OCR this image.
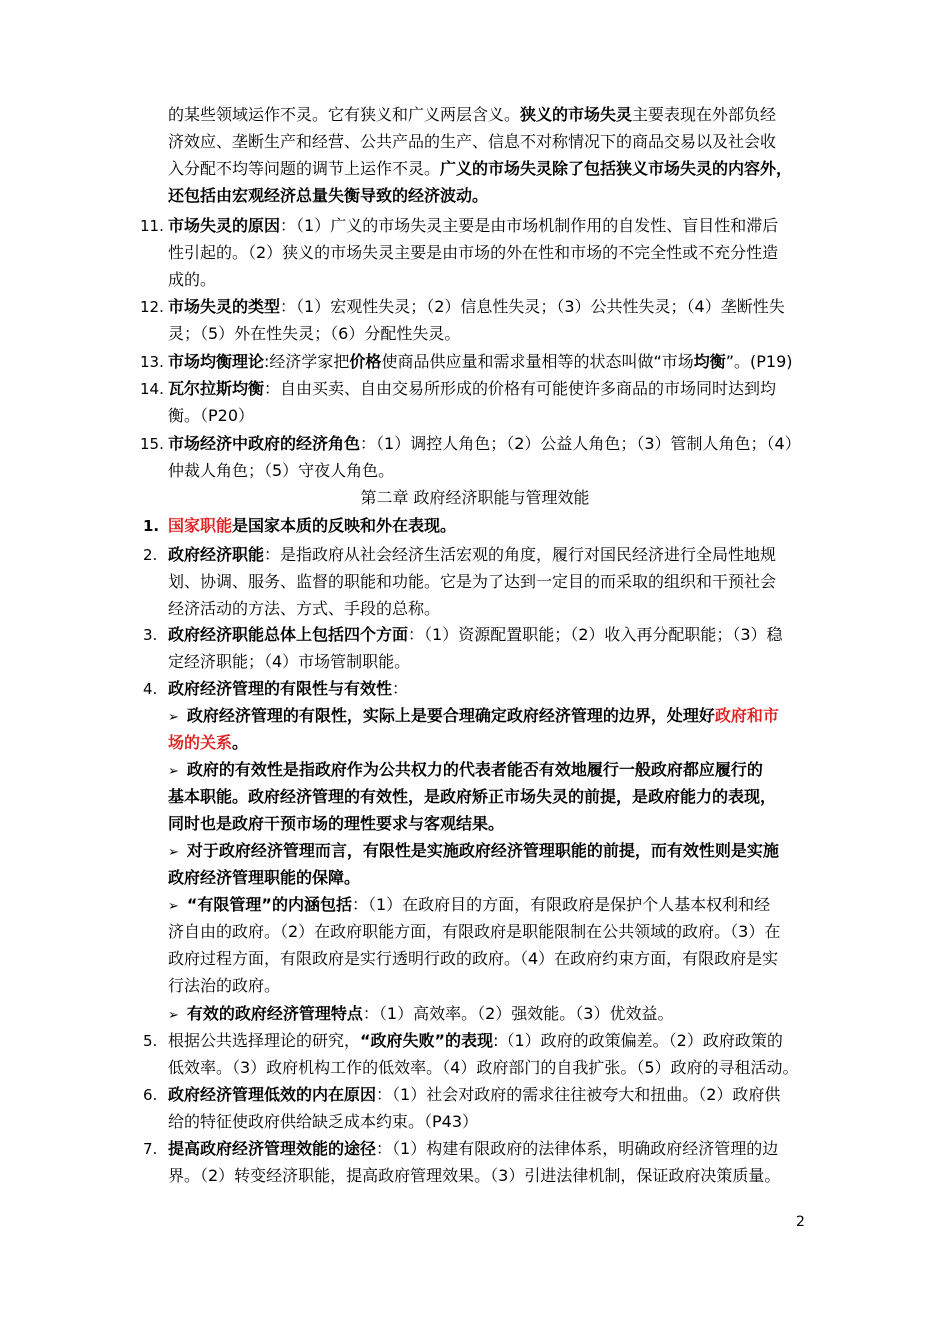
第二章 政府经济职能与管理效能
2
的某些领域运作不灵。它有狭义和广义两层含义。狭义的市场失灵主要表现在外部负经
济效应、垄断生产和经营、公共产品的生产、信息不对称情况下的商品交易以及社会收
入分配不均等问题的调节上运作不灵。广义的市场失灵除了包括狭义市场失灵的内容外，
还包括由宏观经济总量失衡导致的经济波动。
11. 市场失灵的原因：（1）广义的市场失灵主要是由市场机制作用的自发性、盲目性和滞后
性引起的。（2）狭义的市场失灵主要是由市场的外在性和市场的不完全性或不充分性造
成的。
12. 市场失灵的类型：（1）宏观性失灵；（2）信息性失灵；（3）公共性失灵；（4）垄断性失
灵；（5）外在性失灵；（6）分配性失灵。
13. 市场均衡理论:经济学家把价格使商品供应量和需求量相等的状态叫做“市场均衡”。(P19)
14. 瓦尔拉斯均衡：自由买卖、自由交易所形成的价格有可能使许多商品的市场同时达到均
衡。（P20）
15. 市场经济中政府的经济角色：（1）调控人角色；（2）公益人角色；（3）管制人角色；（4）
仲裁人角色；（5）守夜人角色。
1. 国家职能是国家本质的反映和外在表现。
2. 政府经济职能：是指政府从社会经济生活宏观的角度，履行对国民经济进行全局性地规
划、协调、服务、监督的职能和功能。它是为了达到一定目的而采取的组织和干预社会
经济活动的方法、方式、手段的总称。
3. 政府经济职能总体上包括四个方面：（1）资源配置职能；（2）收入再分配职能；（3）稳
定经济职能；（4）市场管制职能。
4. 政府经济管理的有限性与有效性：
➢ 政府经济管理的有限性，实际上是要合理确定政府经济管理的边界，处理好政府和市
场的关系。
➢ 政府的有效性是指政府作为公共权力的代表者能否有效地履行一般政府都应履行的
基本职能。政府经济管理的有效性，是政府矫正市场失灵的前提，是政府能力的表现，
同时也是政府干预市场的理性要求与客观结果。
➢ 对于政府经济管理而言，有限性是实施政府经济管理职能的前提，而有效性则是实施
政府经济管理职能的保障。
➢ “有限管理”的内涵包括：（1）在政府目的方面，有限政府是保护个人基本权利和经
济自由的政府。（2）在政府职能方面，有限政府是职能限制在公共领域的政府。（3）在
政府过程方面，有限政府是实行透明行政的政府。（4）在政府约束方面，有限政府是实
行法治的政府。
➢ 有效的政府经济管理特点：（1）高效率。（2）强效能。（3）优效益。
5. 根据公共选择理论的研究，“政府失败”的表现:（1）政府的政策偏差。（2）政府政策的
低效率。（3）政府机构工作的低效率。（4）政府部门的自我扩张。（5）政府的寻租活动。
6. 政府经济管理低效的内在原因：（1）社会对政府的需求往往被夸大和扭曲。（2）政府供
给的特征使政府供给缺乏成本约束。（P43）
7. 提高政府经济管理效能的途径：（1）构建有限政府的法律体系，明确政府经济管理的边
界。（2）转变经济职能，提高政府管理效果。（3）引进法律机制，保证政府决策质量。
